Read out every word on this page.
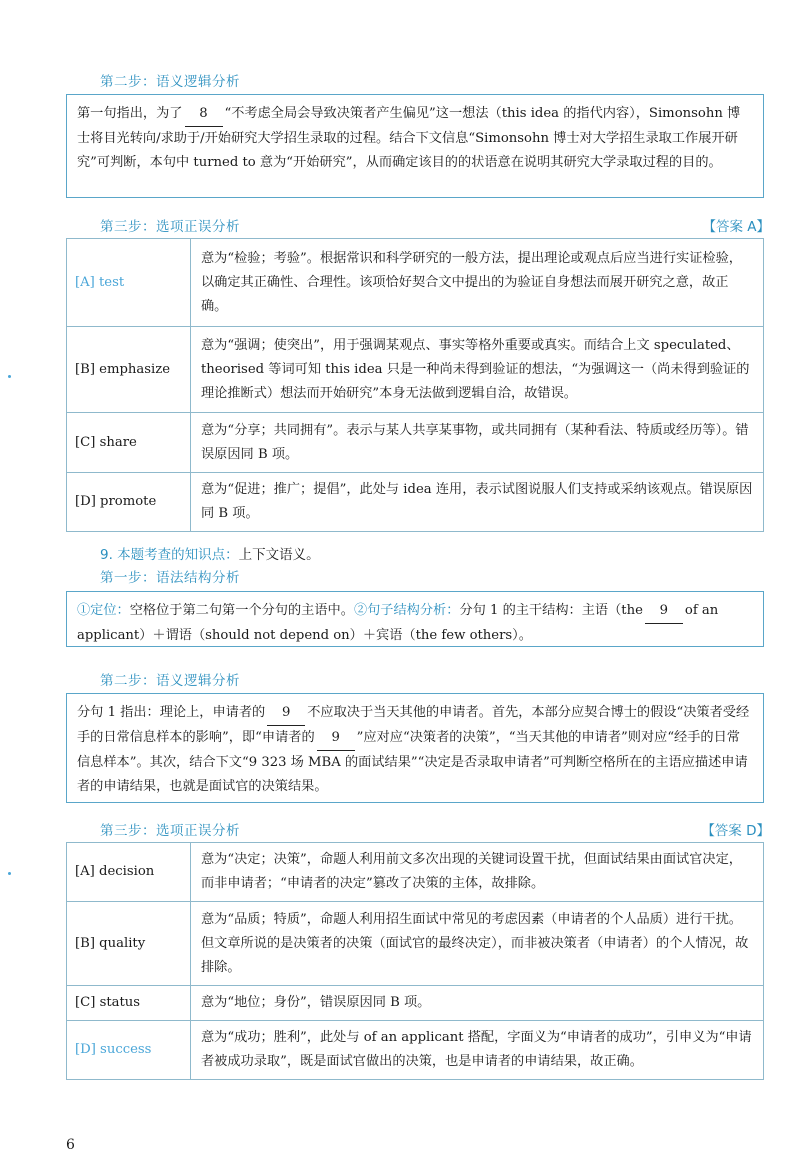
第二步：语义逻辑分析
第一句指出，为了 8 “不考虑全局会导致决策者产生偏见”这一想法（this idea 的指代内容），Simonsohn 博士将目光转向/求助于/开始研究大学招生录取的过程。结合下文信息“Simonsohn 博士对大学招生录取工作展开研究”可判断，本句中 turned to 意为“开始研究”，从而确定该目的的状语意在说明其研究大学录取过程的目的。
第三步：选项正误分析	【答案 A】
[A] test	意为“检验；考验”。根据常识和科学研究的一般方法，提出理论或观点后应当进行实证检验，以确定其正确性、合理性。该项恰好契合文中提出的为验证自身想法而展开研究之意，故正确。
[B] emphasize	意为“强调；使突出”，用于强调某观点、事实等格外重要或真实。而结合上文 speculated、theorised 等词可知 this idea 只是一种尚未得到验证的想法，“为强调这一（尚未得到验证的理论推断式）想法而开始研究”本身无法做到逻辑自洽，故错误。
[C] share	意为“分享；共同拥有”。表示与某人共享某事物，或共同拥有（某种看法、特质或经历等）。错误原因同 B 项。
[D] promote	意为“促进；推广；提倡”，此处与 idea 连用，表示试图说服人们支持或采纳该观点。错误原因同 B 项。
9. 本题考查的知识点：上下文语义。
第一步：语法结构分析
①定位：空格位于第二句第一个分句的主语中。②句子结构分析：分句 1 的主干结构：主语（the 9 of an applicant）＋谓语（should not depend on）＋宾语（the few others）。
第二步：语义逻辑分析
分句 1 指出：理论上，申请者的 9 不应取决于当天其他的申请者。首先，本部分应契合博士的假设“决策者受经手的日常信息样本的影响”，即“申请者的 9 ”应对应“决策者的决策”，“当天其他的申请者”则对应“经手的日常信息样本”。其次，结合下文“9 323 场 MBA 的面试结果”“决定是否录取申请者”可判断空格所在的主语应描述申请者的申请结果，也就是面试官的决策结果。
第三步：选项正误分析	【答案 D】
[A] decision	意为“决定；决策”，命题人利用前文多次出现的关键词设置干扰，但面试结果由面试官决定，而非申请者；“申请者的决定”篡改了决策的主体，故排除。
[B] quality	意为“品质；特质”，命题人利用招生面试中常见的考虑因素（申请者的个人品质）进行干扰。但文章所说的是决策者的决策（面试官的最终决定），而非被决策者（申请者）的个人情况，故排除。
[C] status	意为“地位；身份”，错误原因同 B 项。
[D] success	意为“成功；胜利”，此处与 of an applicant 搭配，字面义为“申请者的成功”，引申义为“申请者被成功录取”，既是面试官做出的决策，也是申请者的申请结果，故正确。
6
